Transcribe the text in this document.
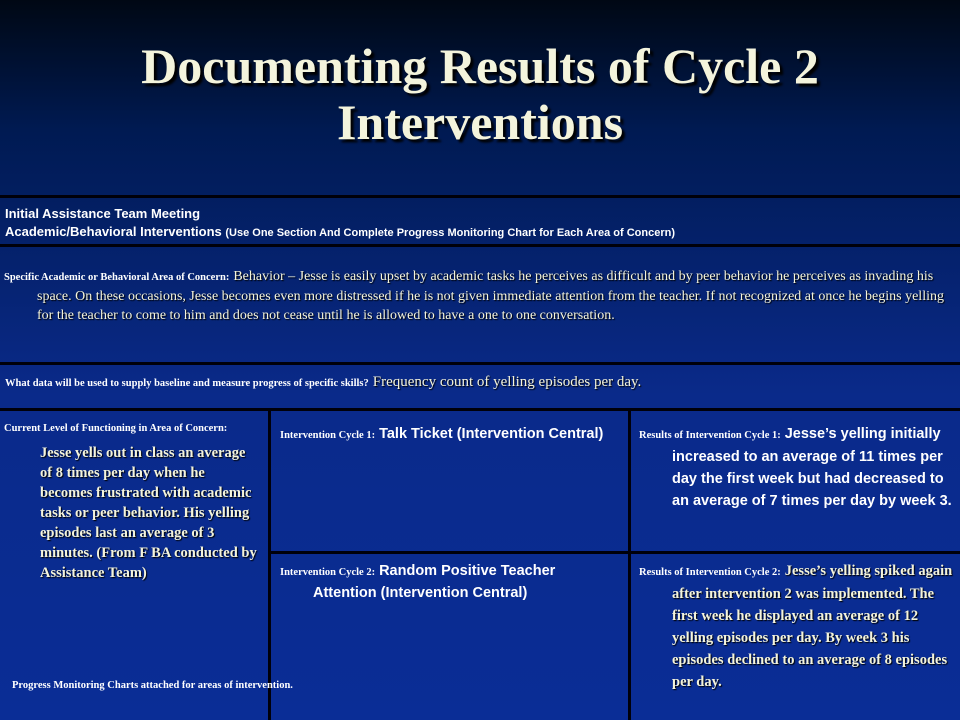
Documenting Results of Cycle 2
Interventions
Initial Assistance Team Meeting
Academic/Behavioral Interventions (Use One Section And Complete Progress Monitoring Chart for Each Area of Concern)
Specific Academic or Behavioral Area of Concern: Behavior – Jesse is easily upset by academic tasks he perceives as difficult and by peer behavior he perceives as invading his space. On these occasions, Jesse becomes even more distressed if he is not given immediate attention from the teacher. If not recognized at once he begins yelling for the teacher to come to him and does not cease until he is allowed to have a one to one conversation.
What data will be used to supply baseline and measure progress of specific skills? Frequency count of yelling episodes per day.
Current Level of Functioning in Area of Concern:
Jesse yells out in class an average of 8 times per day when he becomes frustrated with academic tasks or peer behavior. His yelling episodes last an average of 3 minutes. (From F BA conducted by Assistance Team)
Progress Monitoring Charts attached for areas of intervention.
Intervention Cycle 1: Talk Ticket (Intervention Central)	Results of Intervention Cycle 1: Jesse’s yelling initially increased to an average of 11 times per day the first week but had decreased to an average of 7 times per day by week 3.
Intervention Cycle 2: Random Positive Teacher Attention (Intervention Central)
Results of Intervention Cycle 2: Jesse’s yelling spiked again after intervention 2 was implemented. The first week he displayed an average of 12 yelling episodes per day. By week 3 his episodes declined to an average of 8 episodes per day.
